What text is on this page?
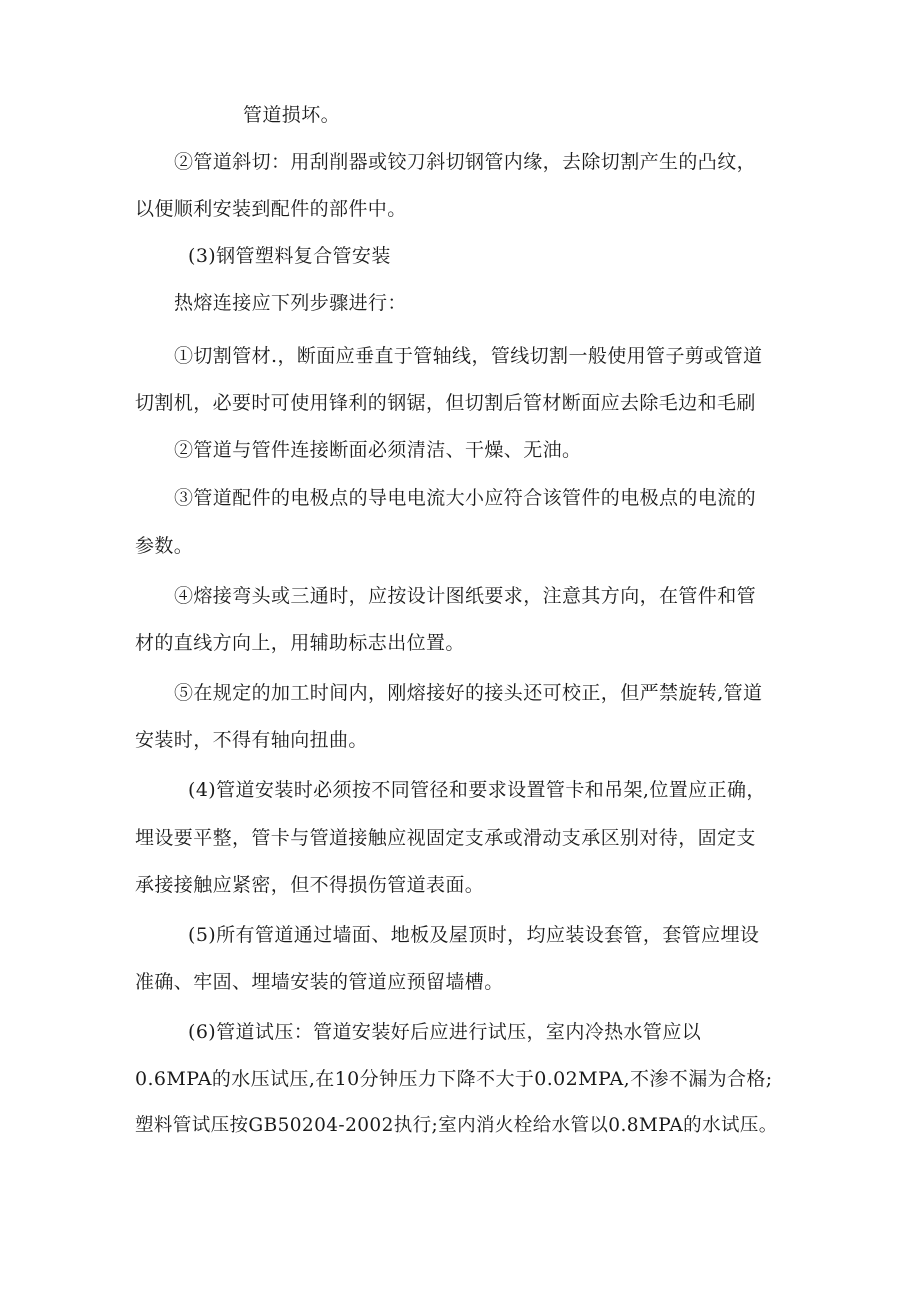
管道损坏。
②管道斜切：用刮削器或铰刀斜切钢管内缘，去除切割产生的凸纹，
以便顺利安装到配件的部件中。
(3)钢管塑料复合管安装
热熔连接应下列步骤进行：
①切割管材.，断面应垂直于管轴线，管线切割一般使用管子剪或管道
切割机，必要时可使用锋利的钢锯，但切割后管材断面应去除毛边和毛刷
②管道与管件连接断面必须清洁、干燥、无油。
③管道配件的电极点的导电电流大小应符合该管件的电极点的电流的
参数。
④熔接弯头或三通时，应按设计图纸要求，注意其方向，在管件和管
材的直线方向上，用辅助标志出位置。
⑤在规定的加工时间内，刚熔接好的接头还可校正，但严禁旋转,管道
安装时，不得有轴向扭曲。
(4)管道安装时必须按不同管径和要求设置管卡和吊架,位置应正确，
埋设要平整，管卡与管道接触应视固定支承或滑动支承区别对待，固定支
承接接触应紧密，但不得损伤管道表面。
(5)所有管道通过墙面、地板及屋顶时，均应装设套管，套管应埋设
准确、牢固、埋墙安装的管道应预留墙槽。
(6)管道试压：管道安装好后应进行试压，室内冷热水管应以
0.6MPA的水压试压,在10分钟压力下降不大于0.02MPA,不渗不漏为合格;
塑料管试压按GB50204-2002执行;室内消火栓给水管以0.8MPA的水试压。
